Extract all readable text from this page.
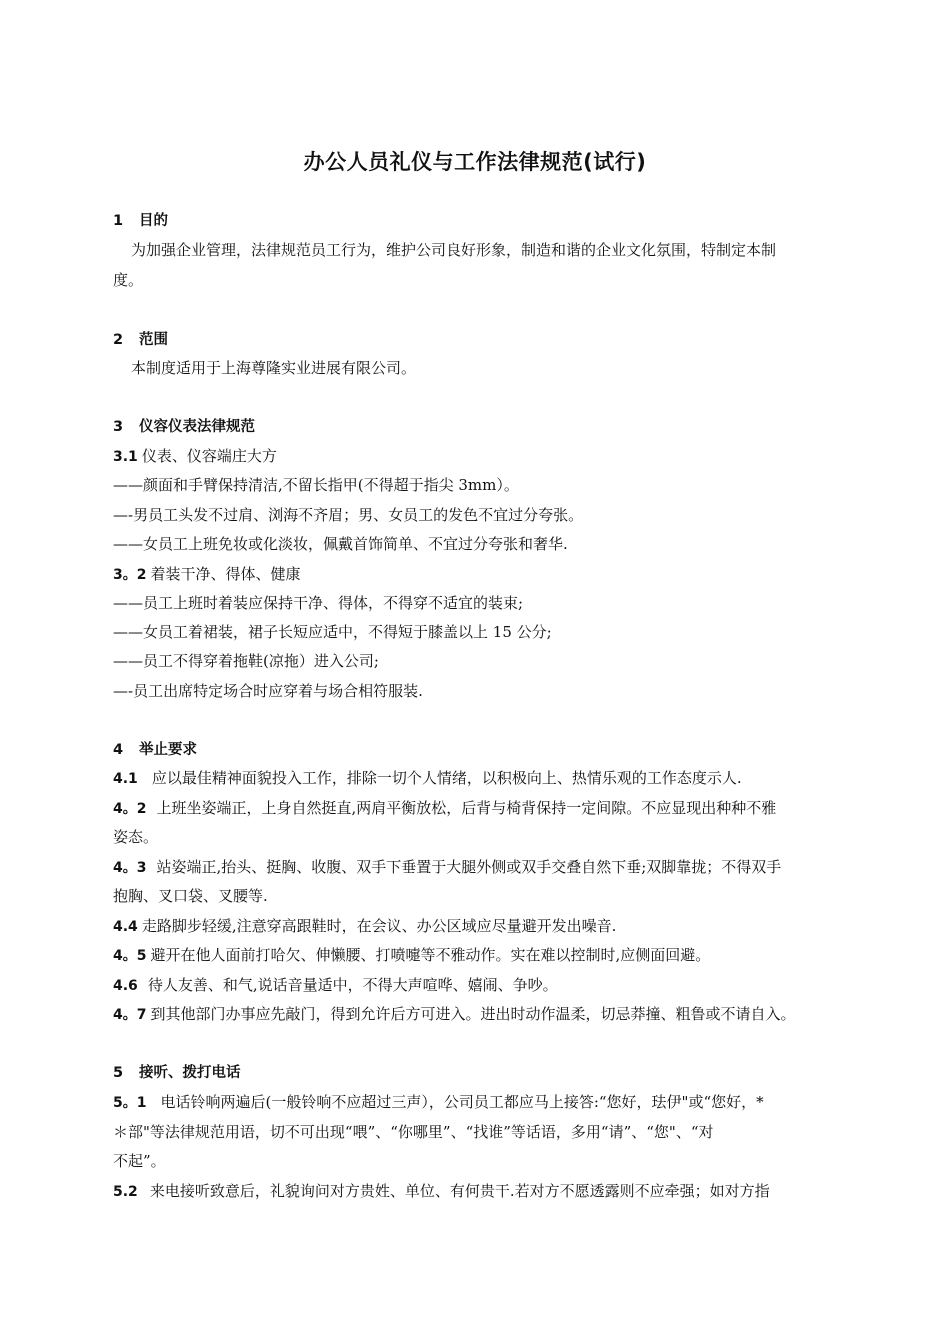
办公人员礼仪与工作法律规范(试行)
1 目的
为加强企业管理，法律规范员工行为，维护公司良好形象，制造和谐的企业文化氛围，特制定本制
度。
2 范围
本制度适用于上海尊隆实业进展有限公司。
3 仪容仪表法律规范
3.1 仪表、仪容端庄大方
——颜面和手臂保持清洁,不留长指甲(不得超于指尖 3mm）。
—-男员工头发不过肩、浏海不齐眉；男、女员工的发色不宜过分夸张。
——女员工上班免妆或化淡妆，佩戴首饰简单、不宜过分夸张和奢华.
3。2 着装干净、得体、健康
——员工上班时着装应保持干净、得体，不得穿不适宜的装束;
——女员工着裙装，裙子长短应适中，不得短于膝盖以上 15 公分;
——员工不得穿着拖鞋(凉拖）进入公司;
—-员工出席特定场合时应穿着与场合相符服装.
4 举止要求
4.1 应以最佳精神面貌投入工作，排除一切个人情绪，以积极向上、热情乐观的工作态度示人.
4。2 上班坐姿端正，上身自然挺直,两肩平衡放松，后背与椅背保持一定间隙。不应显现出种种不雅
姿态。
4。3 站姿端正,抬头、挺胸、收腹、双手下垂置于大腿外侧或双手交叠自然下垂;双脚靠拢；不得双手
抱胸、叉口袋、叉腰等.
4.4 走路脚步轻缓,注意穿高跟鞋时，在会议、办公区域应尽量避开发出噪音.
4。5 避开在他人面前打哈欠、伸懒腰、打喷嚏等不雅动作。实在难以控制时,应侧面回避。
4.6 待人友善、和气,说话音量适中，不得大声喧哗、嬉闹、争吵。
4。7 到其他部门办事应先敲门，得到允许后方可进入。进出时动作温柔，切忌莽撞、粗鲁或不请自入。
5 接听、拨打电话
5。1 电话铃响两遍后(一般铃响不应超过三声），公司员工都应马上接答:“您好，珐伊"或“您好，*
＊部"等法律规范用语，切不可出现“喂”、“你哪里”、“找谁”等话语，多用“请”、“您"、“对
不起”。
5.2 来电接听致意后，礼貌询问对方贵姓、单位、有何贵干.若对方不愿透露则不应牵强；如对方指
